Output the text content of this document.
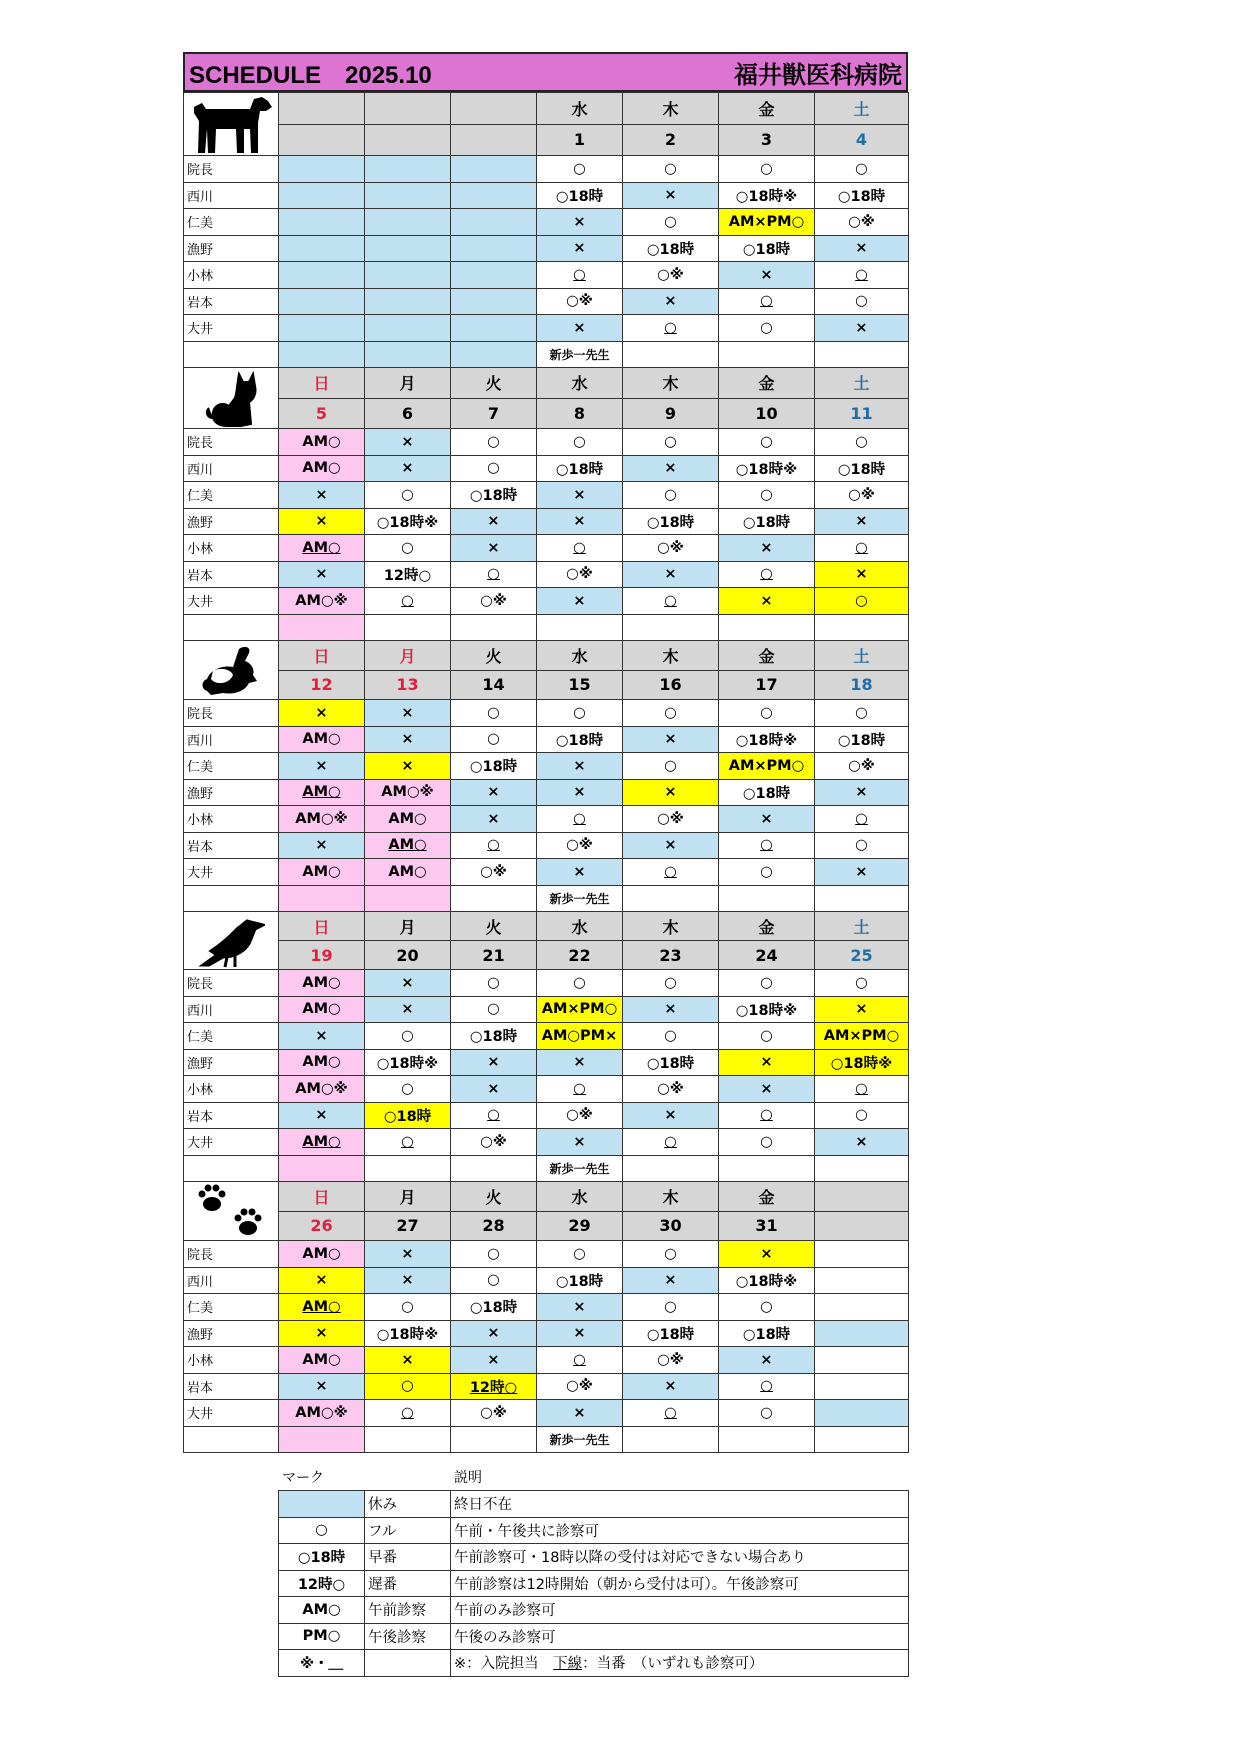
SCHEDULE　2025.10	福井獣医科病院
				水	木	金	土
				1	2	3	4
院長				○	○	○	○
西川				○18時	×	○18時※	○18時
仁美				×	○	AM×PM○	○※
漁野				×	○18時	○18時	×
小林				○	○※	×	○
岩本				○※	×	○	○
大井				×	○	○	×
				新歩一先生			

	日	月	火	水	木	金	土
	5	6	7	8	9	10	11
院長	AM○	×	○	○	○	○	○
西川	AM○	×	○	○18時	×	○18時※	○18時
仁美	×	○	○18時	×	○	○	○※
漁野	×	○18時※	×	×	○18時	○18時	×
小林	AM○	○	×	○	○※	×	○
岩本	×	12時○	○	○※	×	○	×
大井	AM○※	○	○※	×	○	×	○

	日	月	火	水	木	金	土
	12	13	14	15	16	17	18
院長	×	×	○	○	○	○	○
西川	AM○	×	○	○18時	×	○18時※	○18時
仁美	×	×	○18時	×	○	AM×PM○	○※
漁野	AM○	AM○※	×	×	×	○18時	×
小林	AM○※	AM○	×	○	○※	×	○
岩本	×	AM○	○	○※	×	○	○
大井	AM○	AM○	○※	×	○	○	×
				新歩一先生			

	日	月	火	水	木	金	土
	19	20	21	22	23	24	25
院長	AM○	×	○	○	○	○	○
西川	AM○	×	○	AM×PM○	×	○18時※	×
仁美	×	○	○18時	AM○PM×	○	○	AM×PM○
漁野	AM○	○18時※	×	×	○18時	×	○18時※
小林	AM○※	○	×	○	○※	×	○
岩本	×	○18時	○	○※	×	○	○
大井	AM○	○	○※	×	○	○	×
				新歩一先生			

	日	月	火	水	木	金	
	26	27	28	29	30	31	
院長	AM○	×	○	○	○	×	
西川	×	×	○	○18時	×	○18時※	
仁美	AM○	○	○18時	×	○	○	
漁野	×	○18時※	×	×	○18時	○18時	
小林	AM○	×	×	○	○※	×	
岩本	×	○	12時○	○※	×	○	
大井	AM○※	○	○※	×	○	○	
				新歩一先生			
マーク	説明
	休み	終日不在
○	フル	午前・午後共に診察可
○18時	早番	午前診察可・18時以降の受付は対応できない場合あり
12時○	遅番	午前診察は12時開始（朝から受付は可）。午後診察可
AM○	午前診察	午前のみ診察可
PM○	午後診察	午後のみ診察可
※・＿		※：入院担当　下線：当番　（いずれも診察可）
